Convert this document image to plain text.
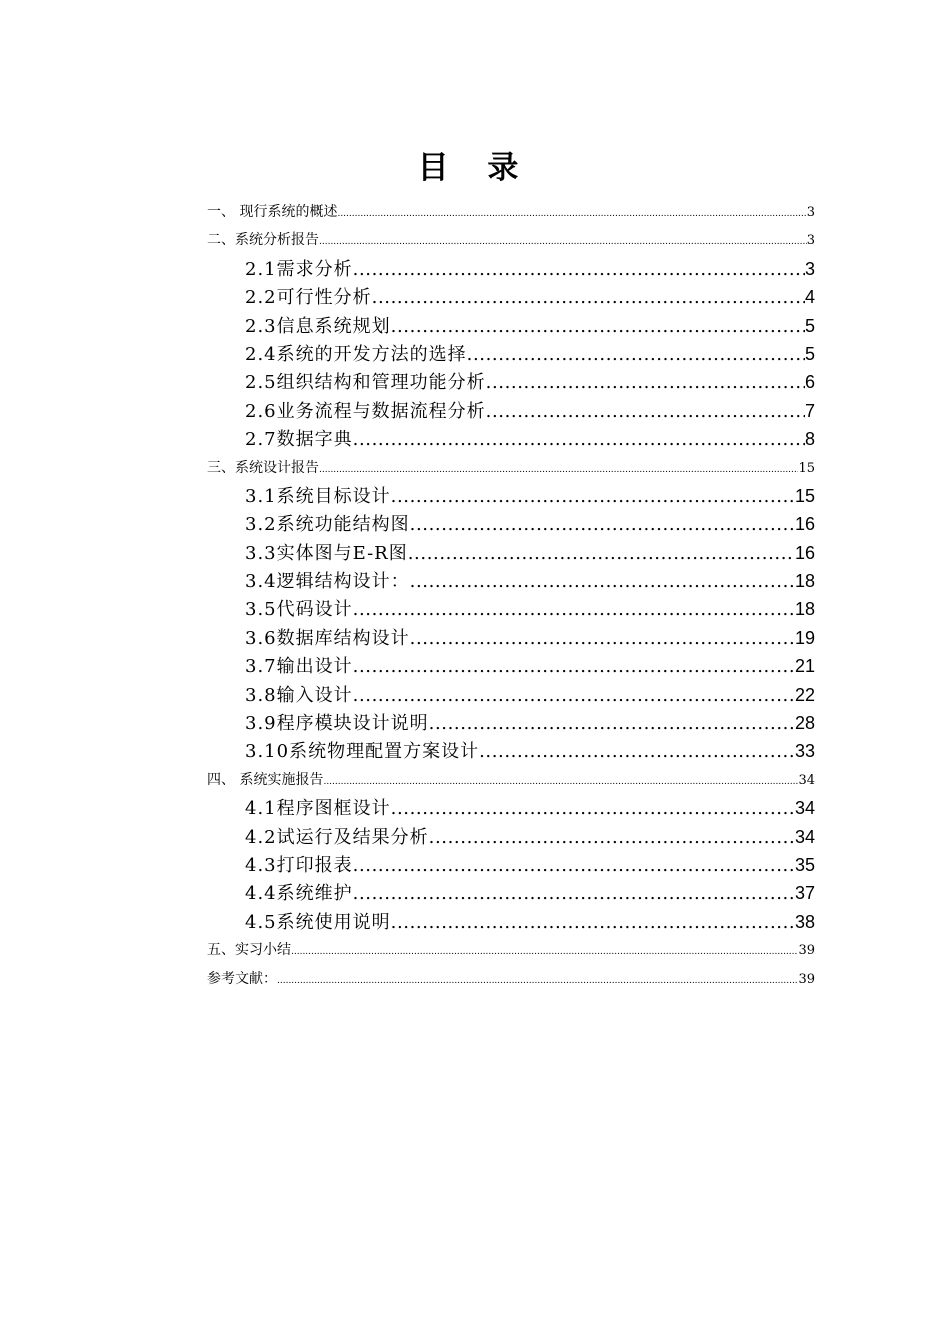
目 录
一、 现行系统的概述 .....	3
二、系统分析报告 .....	3
2.1需求分析 .....	3
2.2可行性分析 .....	4
2.3信息系统规划 .....	5
2.4系统的开发方法的选择 .....	5
2.5组织结构和管理功能分析 .....	6
2.6业务流程与数据流程分析 .....	7
2.7数据字典 .....	8
三、系统设计报告 .....	15
3.1系统目标设计 .....	15
3.2系统功能结构图 .....	16
3.3实体图与E-R图 .....	16
3.4逻辑结构设计： .....	18
3.5代码设计 .....	18
3.6数据库结构设计 .....	19
3.7输出设计 .....	21
3.8输入设计 .....	22
3.9程序模块设计说明 .....	28
3.10系统物理配置方案设计 .....	33
四、 系统实施报告 .....	34
4.1程序图框设计 .....	34
4.2试运行及结果分析 .....	34
4.3打印报表 .....	35
4.4系统维护 .....	37
4.5系统使用说明 .....	38
五、实习小结 .....	39
参考文献： .....	39
